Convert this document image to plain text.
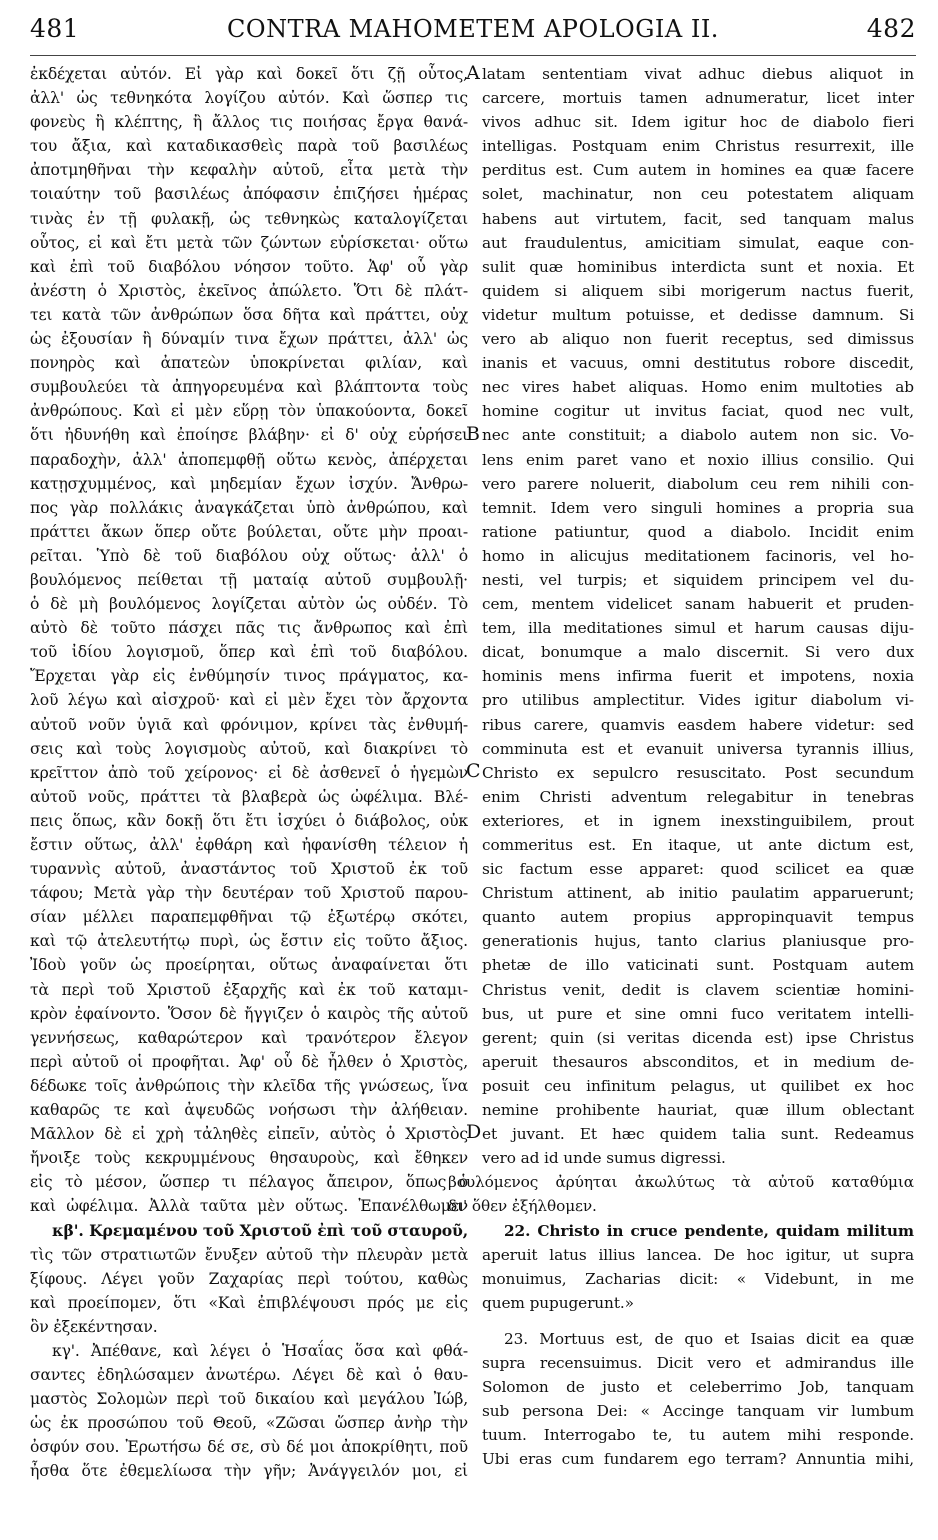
481	CONTRA MAHOMETEM APOLOGIA II.	482
ἐκδέχεται αὐτόν. Εἰ γὰρ καὶ δοκεῖ ὅτι ζῇ οὗτος,
ἀλλ' ὡς τεθνηκότα λογίζου αὐτόν. Καὶ ὥσπερ τις
φονεὺς ἢ κλέπτης, ἢ ἄλλος τις ποιήσας ἔργα θανά-
του ἄξια, καὶ καταδικασθεὶς παρὰ τοῦ βασιλέως
ἀποτμηθῆναι τὴν κεφαλὴν αὐτοῦ, εἶτα μετὰ τὴν
τοιαύτην τοῦ βασιλέως ἀπόφασιν ἐπιζήσει ἡμέρας
τινὰς ἐν τῇ φυλακῇ, ὡς τεθνηκὼς καταλογίζεται
οὗτος, εἰ καὶ ἔτι μετὰ τῶν ζώντων εὑρίσκεται· οὕτω
καὶ ἐπὶ τοῦ διαβόλου νόησον τοῦτο. Ἀφ' οὗ γὰρ
ἀνέστη ὁ Χριστὸς, ἐκεῖνος ἀπώλετο. Ὅτι δὲ πλάτ-
τει κατὰ τῶν ἀνθρώπων ὅσα δῆτα καὶ πράττει, οὐχ
ὡς ἐξουσίαν ἢ δύναμίν τινα ἔχων πράττει, ἀλλ' ὡς
πονηρὸς καὶ ἀπατεὼν ὑποκρίνεται φιλίαν, καὶ
συμβουλεύει τὰ ἀπηγορευμένα καὶ βλάπτοντα τοὺς
ἀνθρώπους. Καὶ εἰ μὲν εὕρῃ τὸν ὑπακούοντα, δοκεῖ
ὅτι ἠδυνήθη καὶ ἐποίησε βλάβην· εἰ δ' οὐχ εὑρήσει
παραδοχὴν, ἀλλ' ἀποπεμφθῇ οὕτω κενὸς, ἀπέρχεται
κατῃσχυμμένος, καὶ μηδεμίαν ἔχων ἰσχύν. Ἄνθρω-
πος γὰρ πολλάκις ἀναγκάζεται ὑπὸ ἀνθρώπου, καὶ
πράττει ἄκων ὅπερ οὔτε βούλεται, οὔτε μὴν προαι-
ρεῖται. Ὑπὸ δὲ τοῦ διαβόλου οὐχ οὕτως· ἀλλ' ὁ
βουλόμενος πείθεται τῇ ματαίᾳ αὐτοῦ συμβουλῇ·
ὁ δὲ μὴ βουλόμενος λογίζεται αὐτὸν ὡς οὐδέν. Τὸ
αὐτὸ δὲ τοῦτο πάσχει πᾶς τις ἄνθρωπος καὶ ἐπὶ
τοῦ ἰδίου λογισμοῦ, ὅπερ καὶ ἐπὶ τοῦ διαβόλου.
Ἔρχεται γὰρ εἰς ἐνθύμησίν τινος πράγματος, κα-
λοῦ λέγω καὶ αἰσχροῦ· καὶ εἰ μὲν ἔχει τὸν ἄρχοντα
αὐτοῦ νοῦν ὑγιᾶ καὶ φρόνιμον, κρίνει τὰς ἐνθυμή-
σεις καὶ τοὺς λογισμοὺς αὐτοῦ, καὶ διακρίνει τὸ
κρεῖττον ἀπὸ τοῦ χείρονος· εἰ δὲ ἀσθενεῖ ὁ ἡγεμὼν
αὐτοῦ νοῦς, πράττει τὰ βλαβερὰ ὡς ὠφέλιμα. Βλέ-
πεις ὅπως, κἂν δοκῇ ὅτι ἔτι ἰσχύει ὁ διάβολος, οὐκ
ἔστιν οὕτως, ἀλλ' ἐφθάρη καὶ ἠφανίσθη τέλειον ἡ
τυραννὶς αὐτοῦ, ἀναστάντος τοῦ Χριστοῦ ἐκ τοῦ
τάφου; Μετὰ γὰρ τὴν δευτέραν τοῦ Χριστοῦ παρου-
σίαν μέλλει παραπεμφθῆναι τῷ ἐξωτέρῳ σκότει,
καὶ τῷ ἀτελευτήτῳ πυρὶ, ὡς ἔστιν εἰς τοῦτο ἄξιος.
Ἰδοὺ γοῦν ὡς προείρηται, οὕτως ἀναφαίνεται ὅτι
τὰ περὶ τοῦ Χριστοῦ ἐξαρχῆς καὶ ἐκ τοῦ καταμι-
κρὸν ἐφαίνοντο. Ὅσον δὲ ἤγγιζεν ὁ καιρὸς τῆς αὐτοῦ
γεννήσεως, καθαρώτερον καὶ τρανότερον ἔλεγον
περὶ αὐτοῦ οἱ προφῆται. Ἀφ' οὗ δὲ ἦλθεν ὁ Χριστὸς,
δέδωκε τοῖς ἀνθρώποις τὴν κλεῖδα τῆς γνώσεως, ἵνα
καθαρῶς τε καὶ ἀψευδῶς νοήσωσι τὴν ἀλήθειαν.
Μᾶλλον δὲ εἰ χρὴ τἀληθὲς εἰπεῖν, αὐτὸς ὁ Χριστὸς
ἤνοιξε τοὺς κεκρυμμένους θησαυροὺς, καὶ ἔθηκεν
εἰς τὸ μέσον, ὥσπερ τι πέλαγος ἄπειρον, ὅπως ὁ
καὶ ὠφέλιμα. Ἀλλὰ ταῦτα μὲν οὕτως. Ἐπανέλθωμεν
κβ'. Κρεμαμένου τοῦ Χριστοῦ ἐπὶ τοῦ σταυροῦ,
τὶς τῶν στρατιωτῶν ἔνυξεν αὐτοῦ τὴν πλευρὰν μετὰ
ξίφους. Λέγει γοῦν Ζαχαρίας περὶ τούτου, καθὼς
καὶ προείπομεν, ὅτι «Καὶ ἐπιβλέψουσι πρός με εἰς
ὃν ἐξεκέντησαν.
κγ'. Ἀπέθανε, καὶ λέγει ὁ Ἡσαΐας ὅσα καὶ φθά-
σαντες ἐδηλώσαμεν ἀνωτέρω. Λέγει δὲ καὶ ὁ θαυ-
μαστὸς Σολομὼν περὶ τοῦ δικαίου καὶ μεγάλου Ἰώβ,
ὡς ἐκ προσώπου τοῦ Θεοῦ, «Ζῶσαι ὥσπερ ἀνὴρ τὴν
ὀσφύν σου. Ἐρωτήσω δέ σε, σὺ δέ μοι ἀποκρίθητι, ποῦ
ἦσθα ὅτε ἐθεμελίωσα τὴν γῆν; Ἀνάγγειλόν μοι, εἰ
latam sententiam vivat adhuc diebus aliquot in
carcere, mortuis tamen adnumeratur, licet inter
vivos adhuc sit. Idem igitur hoc de diabolo fieri
intelligas. Postquam enim Christus resurrexit, ille
perditus est. Cum autem in homines ea quæ facere
solet, machinatur, non ceu potestatem aliquam
habens aut virtutem, facit, sed tanquam malus
aut fraudulentus, amicitiam simulat, eaque con-
sulit quæ hominibus interdicta sunt et noxia. Et
quidem si aliquem sibi morigerum nactus fuerit,
videtur multum potuisse, et dedisse damnum. Si
vero ab aliquo non fuerit receptus, sed dimissus
inanis et vacuus, omni destitutus robore discedit,
nec vires habet aliquas. Homo enim multoties ab
homine cogitur ut invitus faciat, quod nec vult,
nec ante constituit; a diabolo autem non sic. Vo-
lens enim paret vano et noxio illius consilio. Qui
vero parere noluerit, diabolum ceu rem nihili con-
temnit. Idem vero singuli homines a propria sua
ratione patiuntur, quod a diabolo. Incidit enim
homo in alicujus meditationem facinoris, vel ho-
nesti, vel turpis; et siquidem principem vel du-
cem, mentem videlicet sanam habuerit et pruden-
tem, illa meditationes simul et harum causas diju-
dicat, bonumque a malo discernit. Si vero dux
hominis mens infirma fuerit et impotens, noxia
pro utilibus amplectitur. Vides igitur diabolum vi-
ribus carere, quamvis easdem habere videtur: sed
comminuta est et evanuit universa tyrannis illius,
Christo ex sepulcro resuscitato. Post secundum
enim Christi adventum relegabitur in tenebras
exteriores, et in ignem inexstinguibilem, prout
commeritus est. En itaque, ut ante dictum est,
sic factum esse apparet: quod scilicet ea quæ
Christum attinent, ab initio paulatim apparuerunt;
quanto autem propius appropinquavit tempus
generationis hujus, tanto clarius planiusque pro-
phetæ de illo vaticinati sunt. Postquam autem
Christus venit, dedit is clavem scientiæ homini-
bus, ut pure et sine omni fuco veritatem intelli-
gerent; quin (si veritas dicenda est) ipse Christus
aperuit thesauros absconditos, et in medium de-
posuit ceu infinitum pelagus, ut quilibet ex hoc
nemine prohibente hauriat, quæ illum oblectant
et juvant. Et hæc quidem talia sunt. Redeamus
vero ad id unde sumus digressi.
βουλόμενος ἀρύηται ἀκωλύτως τὰ αὐτοῦ καταθύμια
δι' ὅθεν ἐξήλθομεν.
22. Christo in cruce pendente, quidam militum
aperuit latus illius lancea. De hoc igitur, ut supra
monuimus, Zacharias dicit: « Videbunt, in me
quem pupugerunt.»
23. Mortuus est, de quo et Isaias dicit ea quæ
supra recensuimus. Dicit vero et admirandus ille
Solomon de justo et celeberrimo Job, tanquam
sub persona Dei: « Accinge tanquam vir lumbum
tuum. Interrogabo te, tu autem mihi responde.
Ubi eras cum fundarem ego terram? Annuntia mihi,
A
B
C
D
